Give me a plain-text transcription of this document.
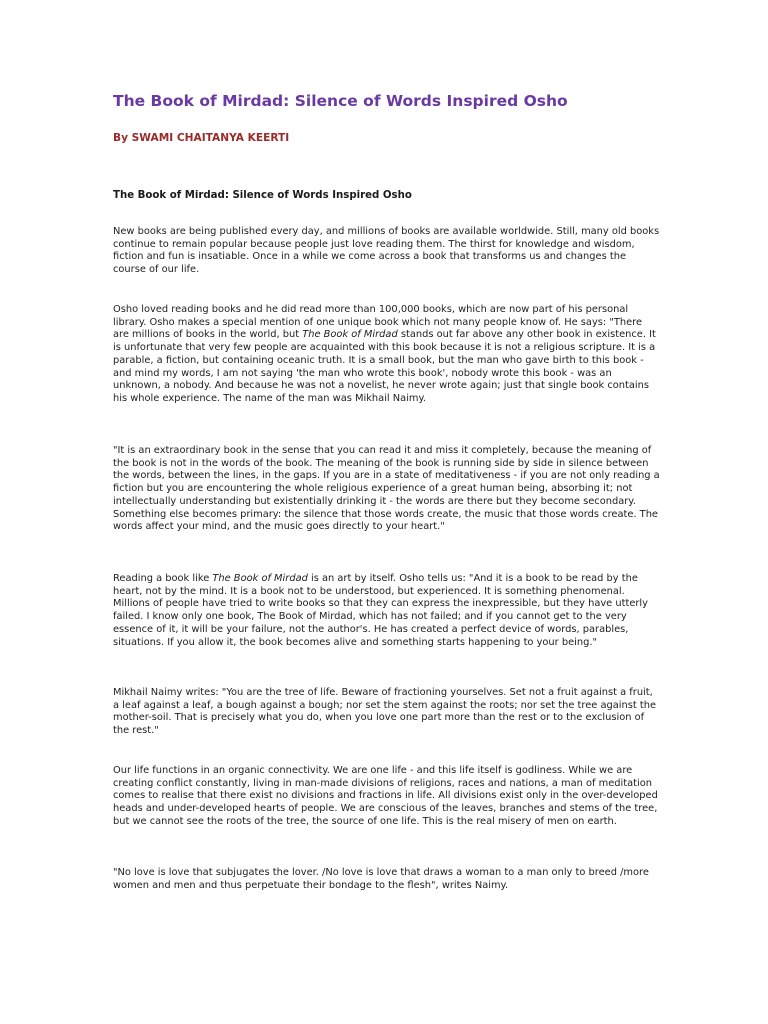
The Book of Mirdad: Silence of Words Inspired Osho
By SWAMI CHAITANYA KEERTI
The Book of Mirdad: Silence of Words Inspired Osho

New books are being published every day, and millions of books are available worldwide. Still, many old books continue to remain popular because people just love reading them. The thirst for knowledge and wisdom, fiction and fun is insatiable. Once in a while we come across a book that transforms us and changes the course of our life.

Osho loved reading books and he did read more than 100,000 books, which are now part of his personal library. Osho makes a special mention of one unique book which not many people know of. He says: "There are millions of books in the world, but The Book of Mirdad stands out far above any other book in existence. It is unfortunate that very few people are acquainted with this book because it is not a religious scripture. It is a parable, a fiction, but containing oceanic truth. It is a small book, but the man who gave birth to this book - and mind my words, I am not saying 'the man who wrote this book', nobody wrote this book - was an unknown, a nobody. And because he was not a novelist, he never wrote again; just that single book contains his whole experience. The name of the man was Mikhail Naimy.

"It is an extraordinary book in the sense that you can read it and miss it completely, because the meaning of the book is not in the words of the book. The meaning of the book is running side by side in silence between the words, between the lines, in the gaps. If you are in a state of meditativeness - if you are not only reading a fiction but you are encountering the whole religious experience of a great human being, absorbing it; not intellectually understanding but existentially drinking it - the words are there but they become secondary. Something else becomes primary: the silence that those words create, the music that those words create. The words affect your mind, and the music goes directly to your heart."

Reading a book like The Book of Mirdad is an art by itself. Osho tells us: "And it is a book to be read by the heart, not by the mind. It is a book not to be understood, but experienced. It is something phenomenal. Millions of people have tried to write books so that they can express the inexpressible, but they have utterly failed. I know only one book, The Book of Mirdad, which has not failed; and if you cannot get to the very essence of it, it will be your failure, not the author's. He has created a perfect device of words, parables, situations. If you allow it, the book becomes alive and something starts happening to your being."

Mikhail Naimy writes: "You are the tree of life. Beware of fractioning yourselves. Set not a fruit against a fruit, a leaf against a leaf, a bough against a bough; nor set the stem against the roots; nor set the tree against the mother-soil. That is precisely what you do, when you love one part more than the rest or to the exclusion of the rest."

Our life functions in an organic connectivity. We are one life - and this life itself is godliness. While we are creating conflict constantly, living in man-made divisions of religions, races and nations, a man of meditation comes to realise that there exist no divisions and fractions in life. All divisions exist only in the over-developed heads and under-developed hearts of people. We are conscious of the leaves, branches and stems of the tree, but we cannot see the roots of the tree, the source of one life. This is the real misery of men on earth.

"No love is love that subjugates the lover. /No love is love that draws a woman to a man only to breed /more women and men and thus perpetuate their bondage to the flesh", writes Naimy.
